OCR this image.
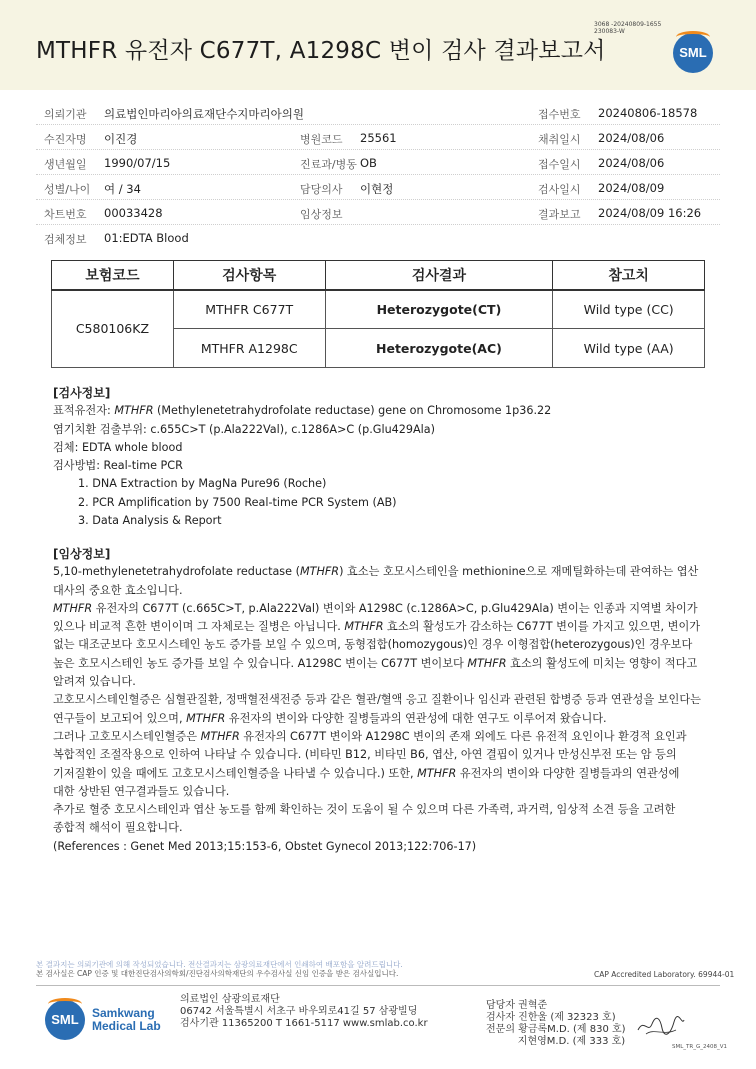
MTHFR 유전자 C677T, A1298C 변이 검사 결과보고서
3068 -20240809-1655
230083-W
SML
의뢰기관 의료법인마리아의료재단수지마리아의원	접수번호 20240806-18578
수진자명 이진경	병원코드 25561	채취일시 2024/08/06
생년월일 1990/07/15	진료과/병동 OB	접수일시 2024/08/06
성별/나이 여 / 34	담당의사 이현정	검사일시 2024/08/09
차트번호 00033428	임상정보	결과보고 2024/08/09 16:26
검체정보 01:EDTA Blood
보험코드	검사항목	검사결과	참고치
C580106KZ	MTHFR C677T	Heterozygote(CT)	Wild type (CC)
	MTHFR A1298C	Heterozygote(AC)	Wild type (AA)
[검사정보]
표적유전자: MTHFR (Methylenetetrahydrofolate reductase) gene on Chromosome 1p36.22
염기치환 검출부위: c.655C>T (p.Ala222Val), c.1286A>C (p.Glu429Ala)
검체: EDTA whole blood
검사방법: Real-time PCR
1. DNA Extraction by MagNa Pure96 (Roche)
2. PCR Amplification by 7500 Real-time PCR System (AB)
3. Data Analysis & Report
[임상정보]

5,10-methylenetetrahydrofolate reductase (MTHFR) 효소는 호모시스테인을 methionine으로 재메틸화하는데 관여하는 엽산

대사의 중요한 효소입니다.

MTHFR 유전자의 C677T (c.665C>T, p.Ala222Val) 변이와 A1298C (c.1286A>C, p.Glu429Ala) 변이는 인종과 지역별 차이가

있으나 비교적 흔한 변이이며 그 자체로는 질병은 아닙니다. MTHFR 효소의 활성도가 감소하는 C677T 변이를 가지고 있으면, 변이가

없는 대조군보다 호모시스테인 농도 증가를 보일 수 있으며, 동형접합(homozygous)인 경우 이형접합(heterozygous)인 경우보다

높은 호모시스테인 농도 증가를 보일 수 있습니다. A1298C 변이는 C677T 변이보다 MTHFR 효소의 활성도에 미치는 영향이 적다고

알려져 있습니다.

고호모시스테인혈증은 심혈관질환, 정맥혈전색전증 등과 같은 혈관/혈액 응고 질환이나 임신과 관련된 합병증 등과 연관성을 보인다는

연구들이 보고되어 있으며, MTHFR 유전자의 변이와 다양한 질병들과의 연관성에 대한 연구도 이루어져 왔습니다.

그러나 고호모시스테인혈증은 MTHFR 유전자의 C677T 변이와 A1298C 변이의 존재 외에도 다른 유전적 요인이나 환경적 요인과

복합적인 조절작용으로 인하여 나타날 수 있습니다. (비타민 B12, 비타민 B6, 엽산, 아연 결핍이 있거나 만성신부전 또는 암 등의

기저질환이 있을 때에도 고호모시스테인혈증을 나타낼 수 있습니다.) 또한, MTHFR 유전자의 변이와 다양한 질병들과의 연관성에

대한 상반된 연구결과들도 있습니다.

추가로 혈중 호모시스테인과 엽산 농도를 함께 확인하는 것이 도움이 될 수 있으며 다른 가족력, 과거력, 임상적 소견 등을 고려한

종합적 해석이 필요합니다.

(References : Genet Med 2013;15:153-6, Obstet Gynecol 2013;122:706-17)

본 결과지는 의뢰기관에 의해 작성되었습니다. 전산결과지는 삼광의료재단에서 인쇄하여 배포함을 알려드립니다.
본 검사실은 CAP 인증 및 대한진단검사의학회/진단검사의학재단의 우수검사실 신임 인증을 받은 검사실입니다.	CAP Accredited Laboratory. 69944-01
SML	Samkwang
Medical Lab
의료법인 삼광의료재단
06742 서울특별시 서초구 바우뫼로41길 57 삼광빌딩
검사기관 11365200 T 1661-5117 www.smlab.co.kr
담당자 권혁준
검사자 진한울 (제 32323 호)
전문의 황금록M.D. (제 830 호)
지현영M.D. (제 333 호)	SML_TR_G_2408_V1
